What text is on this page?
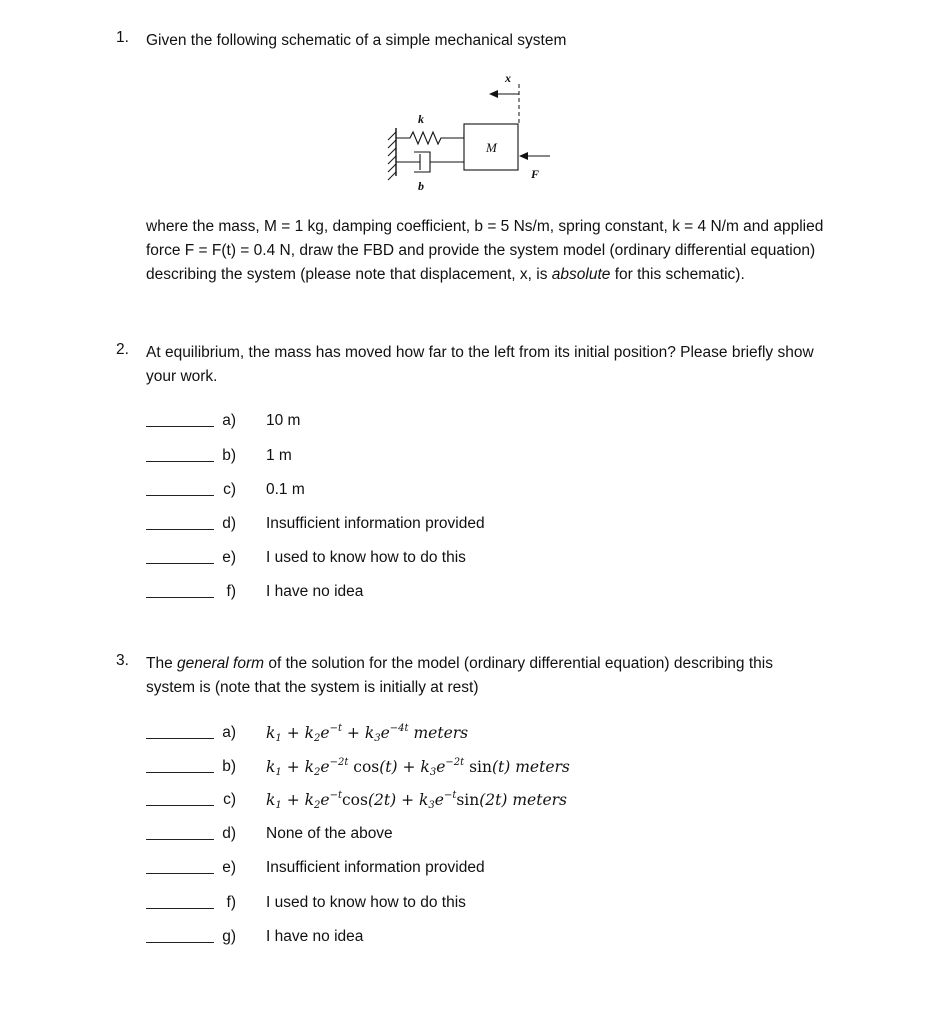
1. Given the following schematic of a simple mechanical system
M
k
b
x
F
where the mass, M = 1 kg, damping coefficient, b = 5 Ns/m, spring constant, k = 4 N/m and applied
force F = F(t) = 0.4 N, draw the FBD and provide the system model (ordinary differential equation)
describing the system (please note that displacement, x, is absolute for this schematic).
2. At equilibrium, the mass has moved how far to the left from its initial position? Please briefly show
your work.
a) 10 m
b) 1 m
c) 0.1 m
d) Insufficient information provided
e) I used to know how to do this
f) I have no idea
3. The general form of the solution for the model (ordinary differential equation) describing this
system is (note that the system is initially at rest)
a) $k_1 + k_2e^{-t} + k_3e^{-4t}$ meters
b) $k_1 + k_2e^{-2t}$ $\cos(t) + k_3e^{-2t}$ sin(t) meters
c) $k_1 + k_2e^{-t}\cos(2t) + k_3e^{-t}\sin(2t)$ meters
d) None of the above
e) Insufficient information provided
f) I used to know how to do this
g) I have no idea
